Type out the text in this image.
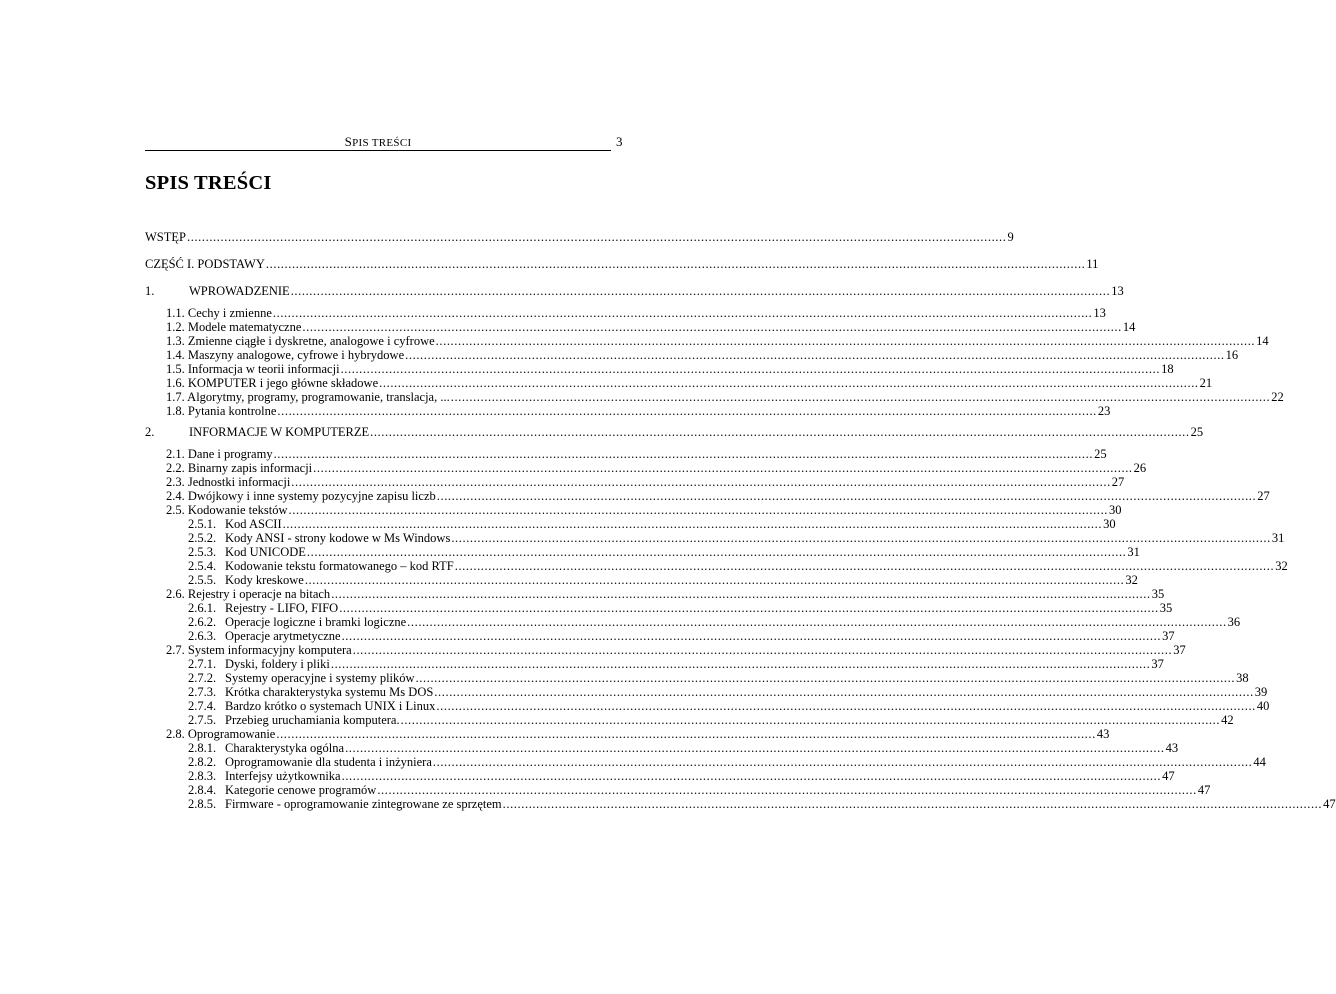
SPIS TREŚCI	3
SPIS TREŚCI
WSTĘP ............................................................................................................................................................................................................................ 9
CZĘŚĆ I. PODSTAWY ............................................................................................................................................................................................................................ 11
1.	WPROWADZENIE ............................................................................................................................................................................................................................ 13
1.1. Cechy i zmienne ............................................................................................................................................................................................................................ 13
1.2. Modele matematyczne ............................................................................................................................................................................................................................ 14
1.3. Zmienne ciągłe i dyskretne, analogowe i cyfrowe ............................................................................................................................................................................................................................ 14
1.4. Maszyny analogowe, cyfrowe i hybrydowe ............................................................................................................................................................................................................................ 16
1.5. Informacja w teorii informacji ............................................................................................................................................................................................................................ 18
1.6. KOMPUTER i jego główne składowe ............................................................................................................................................................................................................................ 21
1.7. Algorytmy, programy, programowanie, translacja, ... ............................................................................................................................................................................................................................ 22
1.8. Pytania kontrolne ............................................................................................................................................................................................................................ 23
2.	INFORMACJE W KOMPUTERZE ............................................................................................................................................................................................................................ 25
2.1. Dane i programy ............................................................................................................................................................................................................................ 25
2.2. Binarny zapis informacji ............................................................................................................................................................................................................................ 26
2.3. Jednostki informacji ............................................................................................................................................................................................................................ 27
2.4. Dwójkowy i inne systemy pozycyjne zapisu liczb ............................................................................................................................................................................................................................ 27
2.5. Kodowanie tekstów ............................................................................................................................................................................................................................ 30
2.5.1. Kod ASCII ............................................................................................................................................................................................................................ 30
2.5.2. Kody ANSI - strony kodowe w Ms Windows ............................................................................................................................................................................................................................ 31
2.5.3. Kod UNICODE ............................................................................................................................................................................................................................ 31
2.5.4. Kodowanie tekstu formatowanego – kod RTF ............................................................................................................................................................................................................................ 32
2.5.5. Kody kreskowe ............................................................................................................................................................................................................................ 32
2.6. Rejestry i operacje na bitach ............................................................................................................................................................................................................................ 35
2.6.1. Rejestry - LIFO, FIFO ............................................................................................................................................................................................................................ 35
2.6.2. Operacje logiczne i bramki logiczne ............................................................................................................................................................................................................................ 36
2.6.3. Operacje arytmetyczne ............................................................................................................................................................................................................................ 37
2.7. System informacyjny komputera ............................................................................................................................................................................................................................ 37
2.7.1. Dyski, foldery i pliki ............................................................................................................................................................................................................................ 37
2.7.2. Systemy operacyjne i systemy plików ............................................................................................................................................................................................................................ 38
2.7.3. Krótka charakterystyka systemu Ms DOS ............................................................................................................................................................................................................................ 39
2.7.4. Bardzo krótko o systemach UNIX i Linux ............................................................................................................................................................................................................................ 40
2.7.5. Przebieg uruchamiania komputera. ............................................................................................................................................................................................................................ 42
2.8. Oprogramowanie ............................................................................................................................................................................................................................ 43
2.8.1. Charakterystyka ogólna ............................................................................................................................................................................................................................ 43
2.8.2. Oprogramowanie dla studenta i inżyniera ............................................................................................................................................................................................................................ 44
2.8.3. Interfejsy użytkownika ............................................................................................................................................................................................................................ 47
2.8.4. Kategorie cenowe programów ............................................................................................................................................................................................................................ 47
2.8.5. Firmware - oprogramowanie zintegrowane ze sprzętem ............................................................................................................................................................................................................................ 47
